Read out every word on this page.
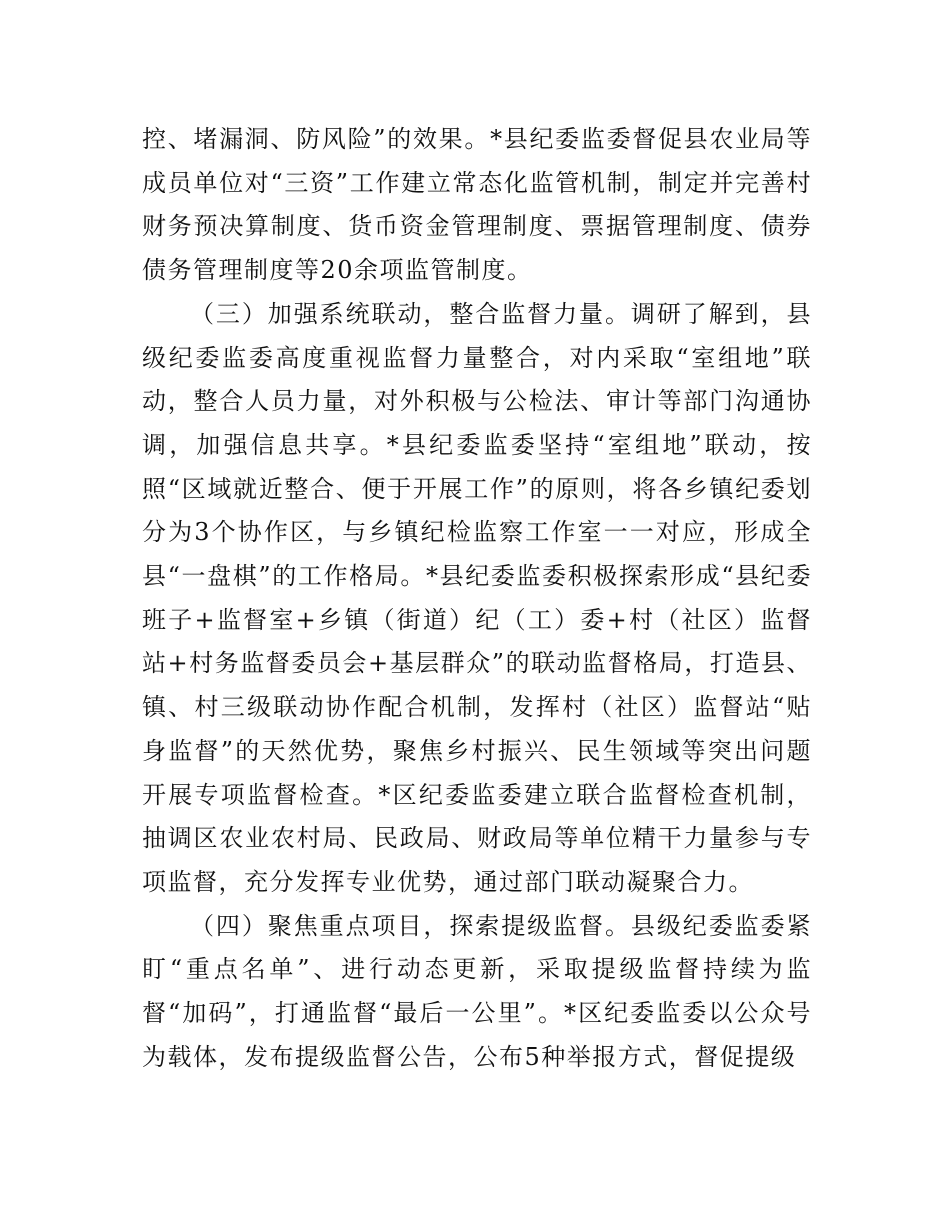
控、堵漏洞、防风险”的效果。*县纪委监委督促县农业局等成员单位对“三资”工作建立常态化监管机制，制定并完善村财务预决算制度、货币资金管理制度、票据管理制度、债券债务管理制度等20余项监管制度。

（三）加强系统联动，整合监督力量。调研了解到，县级纪委监委高度重视监督力量整合，对内采取“室组地”联动，整合人员力量，对外积极与公检法、审计等部门沟通协调，加强信息共享。*县纪委监委坚持“室组地”联动，按照“区域就近整合、便于开展工作”的原则，将各乡镇纪委划分为3个协作区，与乡镇纪检监察工作室一一对应，形成全县“一盘棋”的工作格局。*县纪委监委积极探索形成“县纪委班子+监督室+乡镇（街道）纪（工）委+村（社区）监督站+村务监督委员会+基层群众”的联动监督格局，打造县、镇、村三级联动协作配合机制，发挥村（社区）监督站“贴身监督”的天然优势，聚焦乡村振兴、民生领域等突出问题开展专项监督检查。*区纪委监委建立联合监督检查机制，抽调区农业农村局、民政局、财政局等单位精干力量参与专项监督，充分发挥专业优势，通过部门联动凝聚合力。

（四）聚焦重点项目，探索提级监督。县级纪委监委紧盯“重点名单”、进行动态更新，采取提级监督持续为监督“加码”，打通监督“最后一公里”。*区纪委监委以公众号为载体，发布提级监督公告，公布5种举报方式，督促提级
